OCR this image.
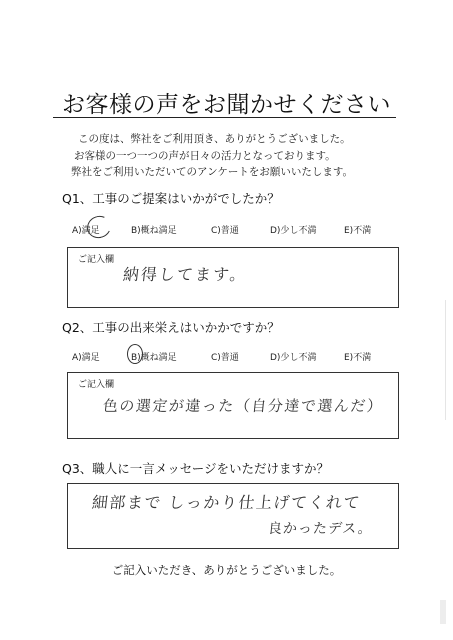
お客様の声をお聞かせください
この度は、弊社をご利用頂き、ありがとうございました。
お客様の一つ一つの声が日々の活力となっております。
弊社をご利用いただいてのアンケートをお願いいたします。
Q1、工事のご提案はいかがでしたか？
A)満足	B)概ね満足	C)普通	D)少し不満	E)不満
ご記入欄
納得してます。
Q2、工事の出来栄えはいかかですか？
A)満足	B)概ね満足	C)普通	D)少し不満	E)不満
ご記入欄
色の選定が違った（自分達で選んだ）
Q3、職人に一言メッセージをいただけますか？
細部まで しっかり仕上げてくれて
良かったデス。
ご記入いただき、ありがとうございました。
